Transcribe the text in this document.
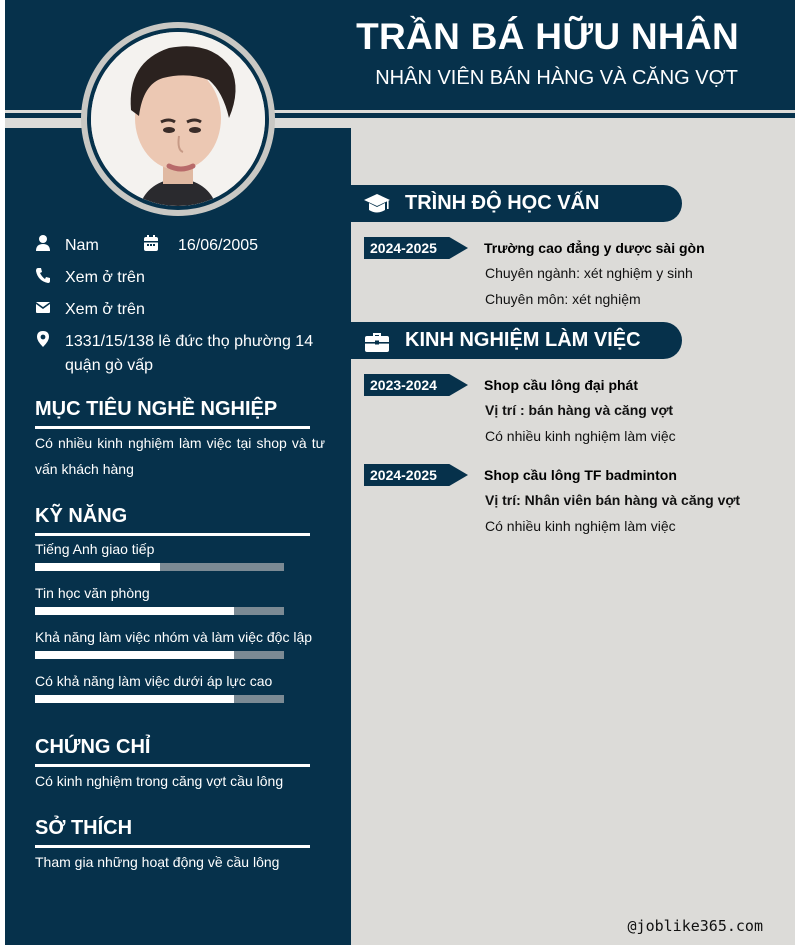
TRẦN BÁ HỮU NHÂN
NHÂN VIÊN BÁN HÀNG VÀ CĂNG VỢT
Nam	16/06/2005
Xem ở trên
Xem ở trên
1331/15/138 lê đức thọ phường 14
quận gò vấp
MỤC TIÊU NGHỀ NGHIỆP
Có nhiều kinh nghiệm làm việc tại shop và tư vấn khách hàng
KỸ NĂNG
Tiếng Anh giao tiếp
Tin học văn phòng
Khả năng làm việc nhóm và làm việc độc lập
Có khả năng làm việc dưới áp lực cao
CHỨNG CHỈ
Có kinh nghiệm trong căng vợt cầu lông
SỞ THÍCH
Tham gia những hoạt động về cầu lông
TRÌNH ĐỘ HỌC VẤN
2024-2025	Trường cao đẳng y dược sài gòn
Chuyên ngành: xét nghiệm y sinh
Chuyên môn: xét nghiệm
KINH NGHIỆM LÀM VIỆC
2023-2024	Shop cầu lông đại phát
Vị trí : bán hàng và căng vợt
Có nhiều kinh nghiệm làm việc
2024-2025	Shop cầu lông TF badminton
Vị trí: Nhân viên bán hàng và căng vợt
Có nhiều kinh nghiệm làm việc
@joblike365.com
